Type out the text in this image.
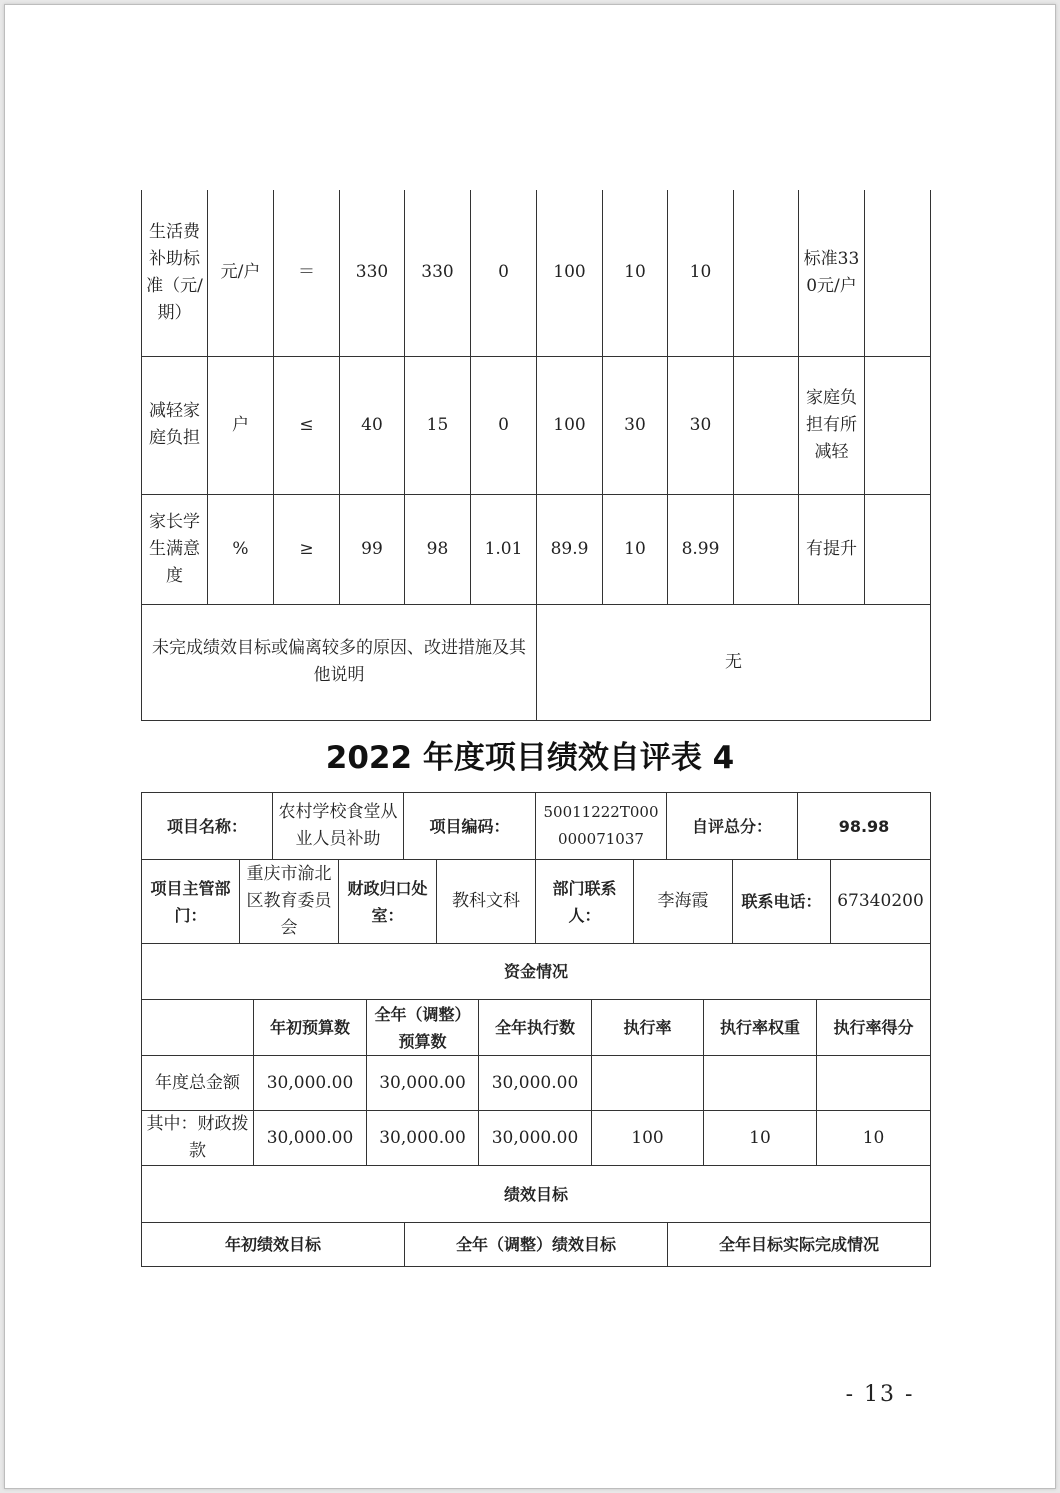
生活费补助标准（元/期）	元/户	＝	330	330	0	100	10	10		标准330元/户	
减轻家庭负担	户	≤	40	15	0	100	30	30		家庭负担有所减轻	
家长学生满意度	%	≥	99	98	1.01	89.9	10	8.99		有提升	
未完成绩效目标或偏离较多的原因、改进措施及其他说明						无					
2022 年度项目绩效自评表 4
项目名称：	农村学校食堂从业人员补助	项目编码：	50011222T000000071037	自评总分：	98.98
项目主管部门：	重庆市渝北区教育委员会	财政归口处室：	教科文科	部门联系人：	李海霞	联系电话：	67340200
资金情况						
	年初预算数	全年（调整）预算数	全年执行数	执行率	执行率权重	执行率得分
年度总金额	30,000.00	30,000.00	30,000.00			
其中：财政拨款	30,000.00	30,000.00	30,000.00	100	10	10
绩效目标
年初绩效目标	全年（调整）绩效目标	全年目标实际完成情况
- 13 -
